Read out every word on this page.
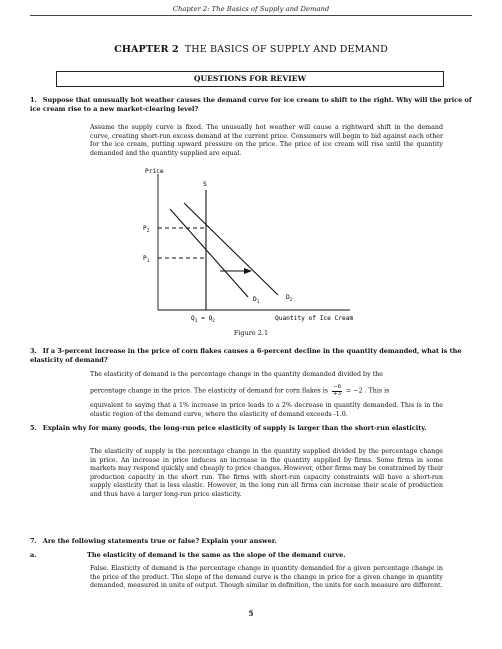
Chapter 2: The Basics of Supply and Demand
CHAPTER 2 THE BASICS OF SUPPLY AND DEMAND
QUESTIONS FOR REVIEW
1. Suppose that unusually hot weather causes the demand curve for ice cream to shift to the right. Why will the price of ice cream rise to a new market-clearing level?
Assume the supply curve is fixed. The unusually hot weather will cause a rightward shift in the demand curve, creating short-run excess demand at the current price. Consumers will begin to bid against each other for the ice cream, putting upward pressure on the price. The price of ice cream will rise until the quantity demanded and the quantity supplied are equal.
Price
S
$P_2$
$P_1$
$D_1$
$D_2$
$Q_1 = Q_2$	Quantity of Ice Cream
Figure 2.1
3. If a 3-percent increase in the price of corn flakes causes a 6-percent decline in the quantity demanded, what is the elasticity of demand?
The elasticity of demand is the percentage change in the quantity demanded divided by the
percentage change in the price. The elasticity of demand for corn flakes is $\frac{-6}{+3} = -2$ . This is
equivalent to saying that a 1% increase in price leads to a 2% decrease in quantity demanded. This is in the elastic region of the demand curve, where the elasticity of demand exceeds -1.0.
5. Explain why for many goods, the long-run price elasticity of supply is larger than the short-run elasticity.
The elasticity of supply is the percentage change in the quantity supplied divided by the percentage change in price. An increase in price induces an increase in the quantity supplied by firms. Some firms in some markets may respond quickly and cheaply to price changes. However, other firms may be constrained by their production capacity in the short run. The firms with short-run capacity constraints will have a short-run supply elasticity that is less elastic. However, in the long run all firms can increase their scale of production and thus have a larger long-run price elasticity.
7. Are the following statements true or false? Explain your answer.
a.	The elasticity of demand is the same as the slope of the demand curve.
False. Elasticity of demand is the percentage change in quantity demanded for a given percentage change in the price of the product. The slope of the demand curve is the change in price for a given change in quantity demanded, measured in units of output. Though similar in definition, the units for each measure are different.
5
